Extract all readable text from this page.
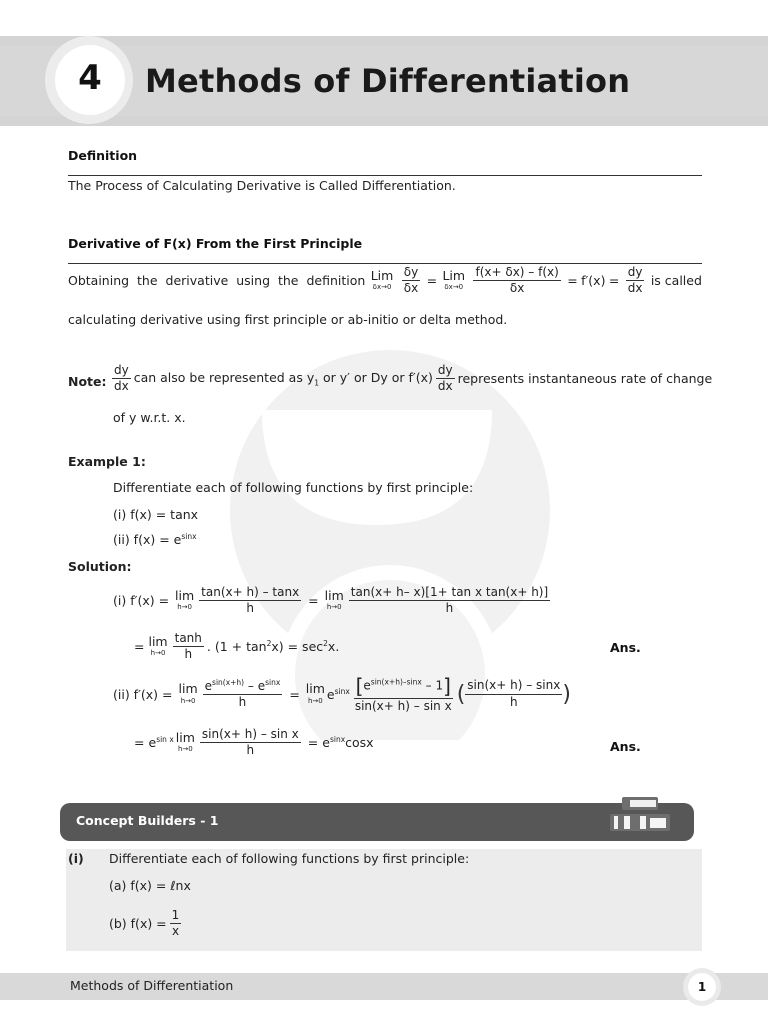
4	Methods of Differentiation
Definition
The Process of Calculating Derivative is Called Differentiation.
Derivative of F(x) From the First Principle
Obtaining the derivative using the definition Lim
$\delta x\to 0 \frac{\delta y}{\delta x}$ = Lim
$\delta x\to 0 \frac{f(x+ \delta x) - f(x)}{\delta x} = f'(x) = \frac{dy}{dx}$ is called
calculating derivative using first principle or ab-initio or delta method.
Note: $\frac{dy}{dx}$ can also be represented as $y_1$ or y′ or Dy or $f'(x) \frac{dy}{dx}$ represents instantaneous rate of change
of y w.r.t. x.
Example 1:
Differentiate each of following functions by first principle:
(i) f(x) = tanx
(ii) $f(x) = e^{sinx}$
Solution:
(i) f′(x) = lim
$h\to 0 \frac{\tan(x+ h) - \tan x}{h} = \lim$
$h\to 0 \frac{\text{tan(x+ h– x)[1+ tan x tan(x+ h)]}}{h}$
= lim
$h\to 0 \frac{\tanh}{h}$ . $(1 + \tan^2x) = \sec^2x$.	Ans.
(ii) f′(x) = lim
$h\to 0 \frac{e^{sin(x+h)} - e^{sinx}}{h} = \lim$
h→0 $e^{sinx} \frac{[e^{sin(x+h)-sinx} - 1]}{\text{sin(x+ h) – sin x}}$ ( $\frac{\sin(x+ h) - \sin x}{h}$ )
= $e^{sin x}$ lim
$h\to 0 \frac{\text{sin(x+ h) – sin x}}{h} = e^{sinx}\cos x$	Ans.
Concept Builders - 1
(i) Differentiate each of following functions by first principle:
(a) f(x) = ℓnx
(b) $f(x) = \frac{1}{x}$
Methods of Differentiation	1
